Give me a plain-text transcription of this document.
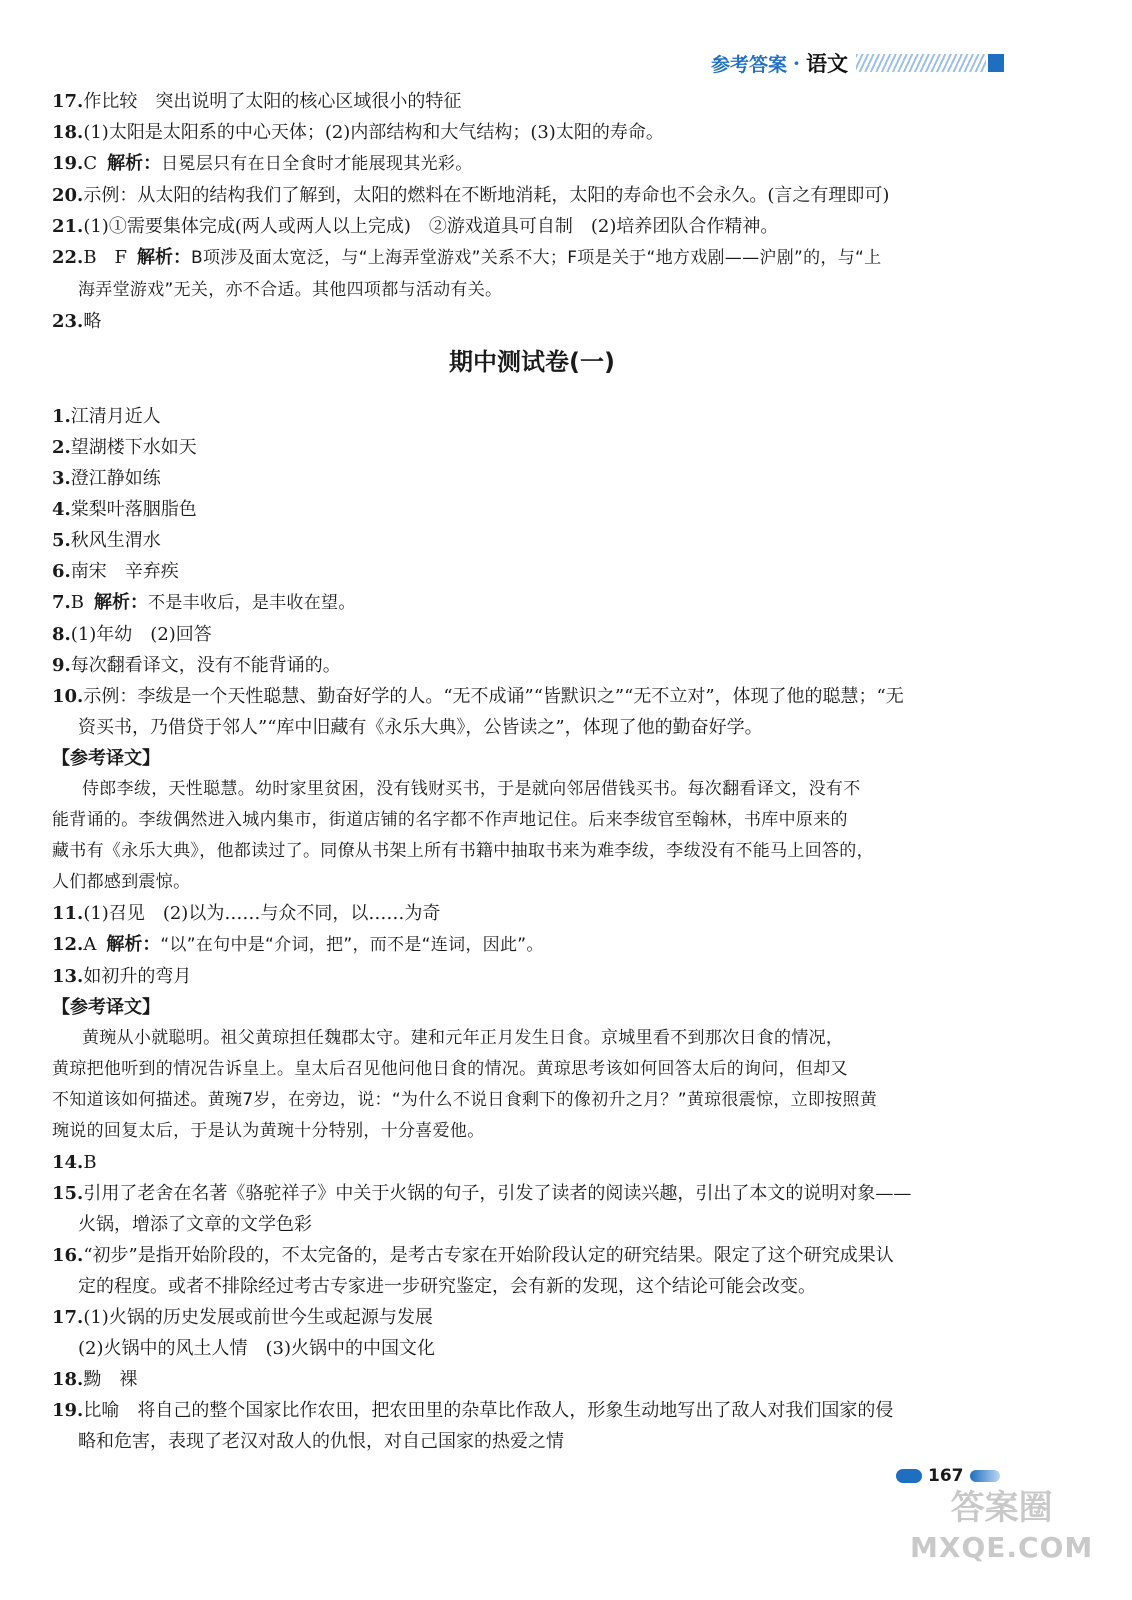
参考答案 · 语文
17.作比较　突出说明了太阳的核心区域很小的特征
18.(1)太阳是太阳系的中心天体；(2)内部结构和大气结构；(3)太阳的寿命。
19.C 解析：日冕层只有在日全食时才能展现其光彩。
20.示例：从太阳的结构我们了解到，太阳的燃料在不断地消耗，太阳的寿命也不会永久。(言之有理即可)
21.(1)①需要集体完成(两人或两人以上完成)　②游戏道具可自制　(2)培养团队合作精神。
22.B　F 解析：B项涉及面太宽泛，与“上海弄堂游戏”关系不大；F项是关于“地方戏剧——沪剧”的，与“上
海弄堂游戏”无关，亦不合适。其他四项都与活动有关。
23.略
期中测试卷(一)
1.江清月近人
2.望湖楼下水如天
3.澄江静如练
4.棠梨叶落胭脂色
5.秋风生渭水
6.南宋　辛弃疾
7.B 解析：不是丰收后，是丰收在望。
8.(1)年幼　(2)回答
9.每次翻看译文，没有不能背诵的。
10.示例：李绂是一个天性聪慧、勤奋好学的人。“无不成诵”“皆默识之”“无不立对”，体现了他的聪慧；“无
资买书，乃借贷于邻人”“库中旧藏有《永乐大典》，公皆读之”，体现了他的勤奋好学。
【参考译文】
侍郎李绂，天性聪慧。幼时家里贫困，没有钱财买书，于是就向邻居借钱买书。每次翻看译文，没有不
能背诵的。李绂偶然进入城内集市，街道店铺的名字都不作声地记住。后来李绂官至翰林，书库中原来的
藏书有《永乐大典》，他都读过了。同僚从书架上所有书籍中抽取书来为难李绂，李绂没有不能马上回答的，
人们都感到震惊。
11.(1)召见　(2)以为……与众不同，以……为奇
12.A 解析：“以”在句中是“介词，把”，而不是“连词，因此”。
13.如初升的弯月
【参考译文】
黄琬从小就聪明。祖父黄琼担任魏郡太守。建和元年正月发生日食。京城里看不到那次日食的情况，
黄琼把他听到的情况告诉皇上。皇太后召见他问他日食的情况。黄琼思考该如何回答太后的询问，但却又
不知道该如何描述。黄琬7岁，在旁边，说：“为什么不说日食剩下的像初升之月？”黄琼很震惊，立即按照黄
琬说的回复太后，于是认为黄琬十分特别，十分喜爱他。
14.B
15.引用了老舍在名著《骆驼祥子》中关于火锅的句子，引发了读者的阅读兴趣，引出了本文的说明对象——
火锅，增添了文章的文学色彩
16.“初步”是指开始阶段的，不太完备的，是考古专家在开始阶段认定的研究结果。限定了这个研究成果认
定的程度。或者不排除经过考古专家进一步研究鉴定，会有新的发现，这个结论可能会改变。
17.(1)火锅的历史发展或前世今生或起源与发展
(2)火锅中的风土人情　(3)火锅中的中国文化
18.黝　裸
19.比喻　将自己的整个国家比作农田，把农田里的杂草比作敌人，形象生动地写出了敌人对我们国家的侵
略和危害，表现了老汉对敌人的仇恨，对自己国家的热爱之情
167
答案圈
MXQE.COM
